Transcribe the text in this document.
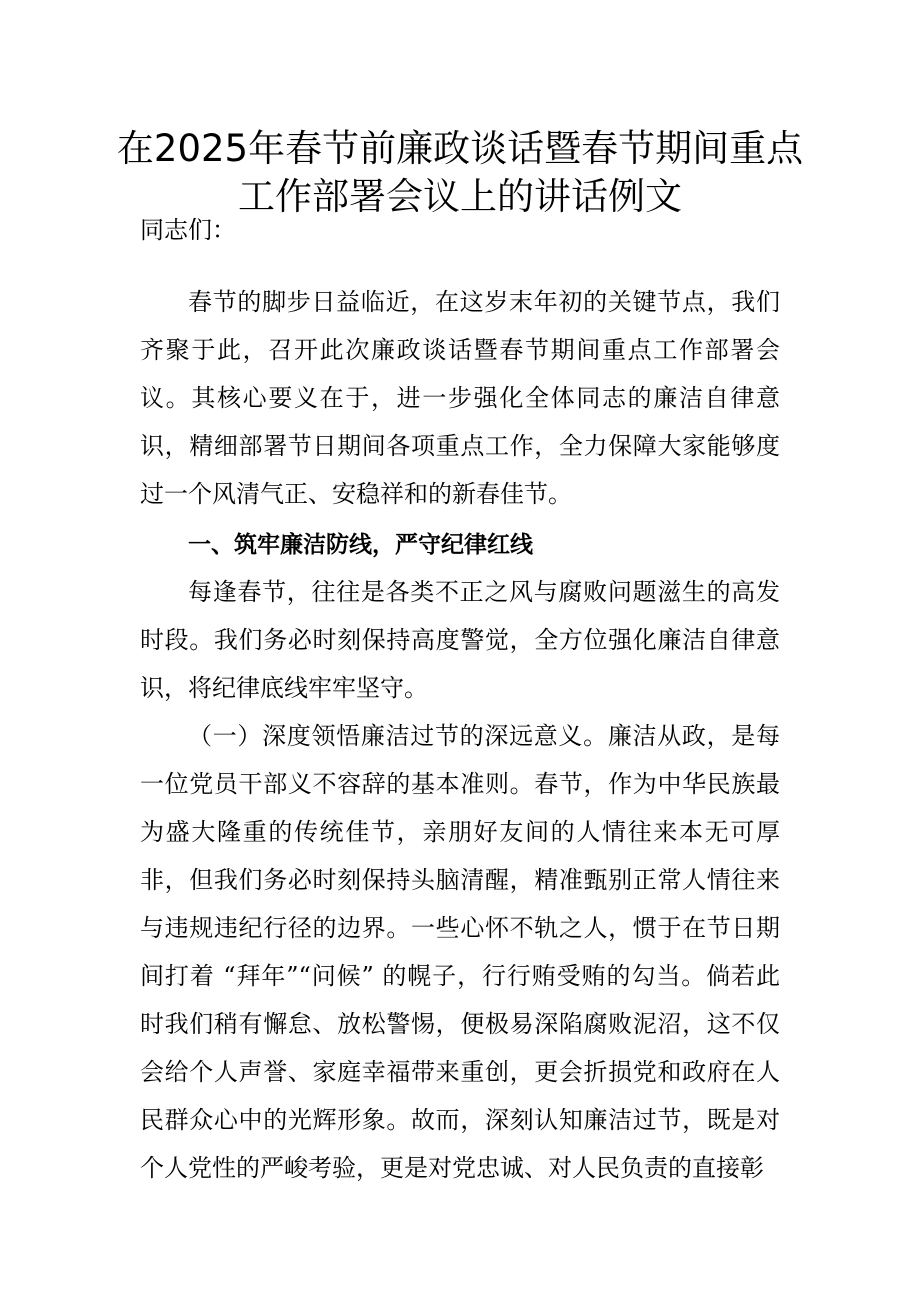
在2025年春节前廉政谈话暨春节期间重点
工作部署会议上的讲话例文

同志们：

春节的脚步日益临近，在这岁末年初的关键节点，我们齐聚于此，召开此次廉政谈话暨春节期间重点工作部署会议。其核心要义在于，进一步强化全体同志的廉洁自律意识，精细部署节日期间各项重点工作，全力保障大家能够度过一个风清气正、安稳祥和的新春佳节。

一、筑牢廉洁防线，严守纪律红线

每逢春节，往往是各类不正之风与腐败问题滋生的高发时段。我们务必时刻保持高度警觉，全方位强化廉洁自律意识，将纪律底线牢牢坚守。

（一）深度领悟廉洁过节的深远意义。廉洁从政，是每一位党员干部义不容辞的基本准则。春节，作为中华民族最为盛大隆重的传统佳节，亲朋好友间的人情往来本无可厚非，但我们务必时刻保持头脑清醒，精准甄别正常人情往来与违规违纪行径的边界。一些心怀不轨之人，惯于在节日期间打着 “拜年”“问候” 的幌子，行行贿受贿的勾当。倘若此时我们稍有懈怠、放松警惕，便极易深陷腐败泥沼，这不仅会给个人声誉、家庭幸福带来重创，更会折损党和政府在人民群众心中的光辉形象。故而，深刻认知廉洁过节，既是对个人党性的严峻考验，更是对党忠诚、对人民负责的直接彰
